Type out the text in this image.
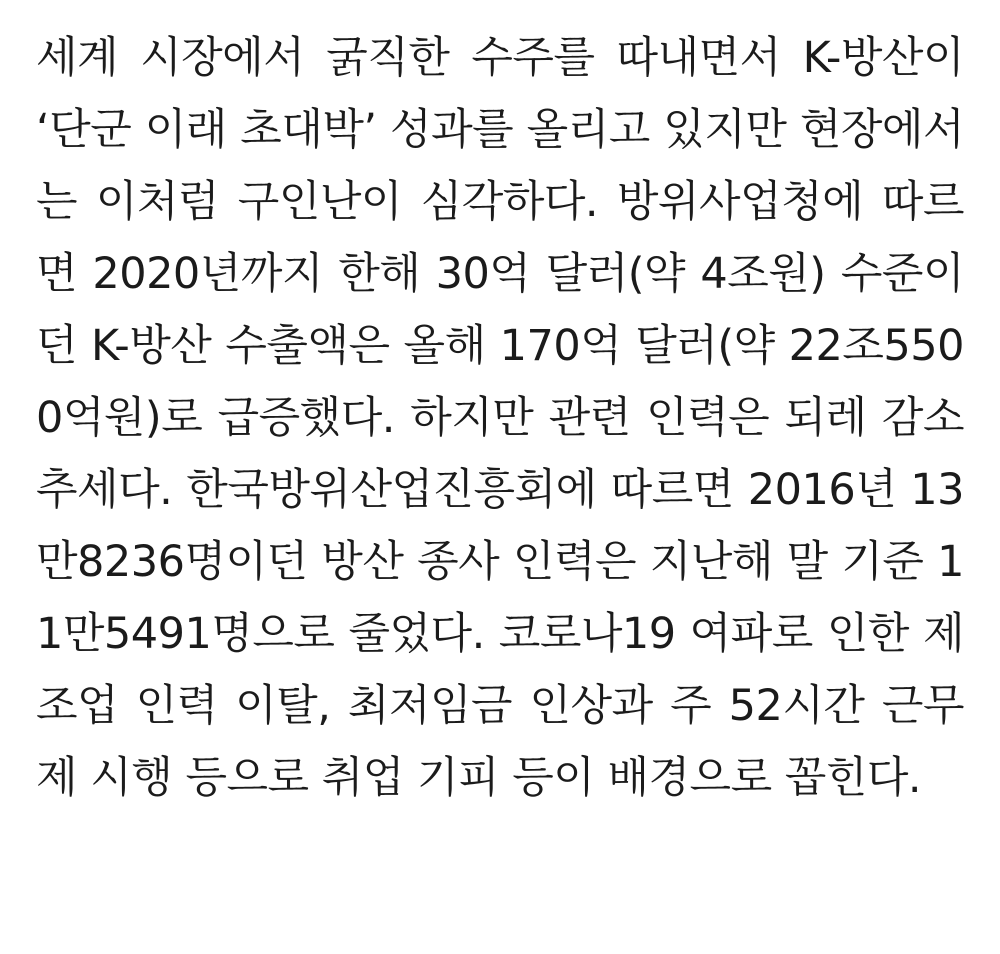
세계 시장에서 굵직한 수주를 따내면서 K-방산이 ‘단군 이래 초대박’ 성과를 올리고 있지만 현장에서는 이처럼 구인난이 심각하다. 방위사업청에 따르면 2020년까지 한해 30억 달러(약 4조원) 수준이던 K-방산 수출액은 올해 170억 달러(약 22조5500억원)로 급증했다. 하지만 관련 인력은 되레 감소 추세다. 한국방위산업진흥회에 따르면 2016년 13만8236명이던 방산 종사 인력은 지난해 말 기준 11만5491명으로 줄었다. 코로나19 여파로 인한 제조업 인력 이탈, 최저임금 인상과 주 52시간 근무제 시행 등으로 취업 기피 등이 배경으로 꼽힌다.
